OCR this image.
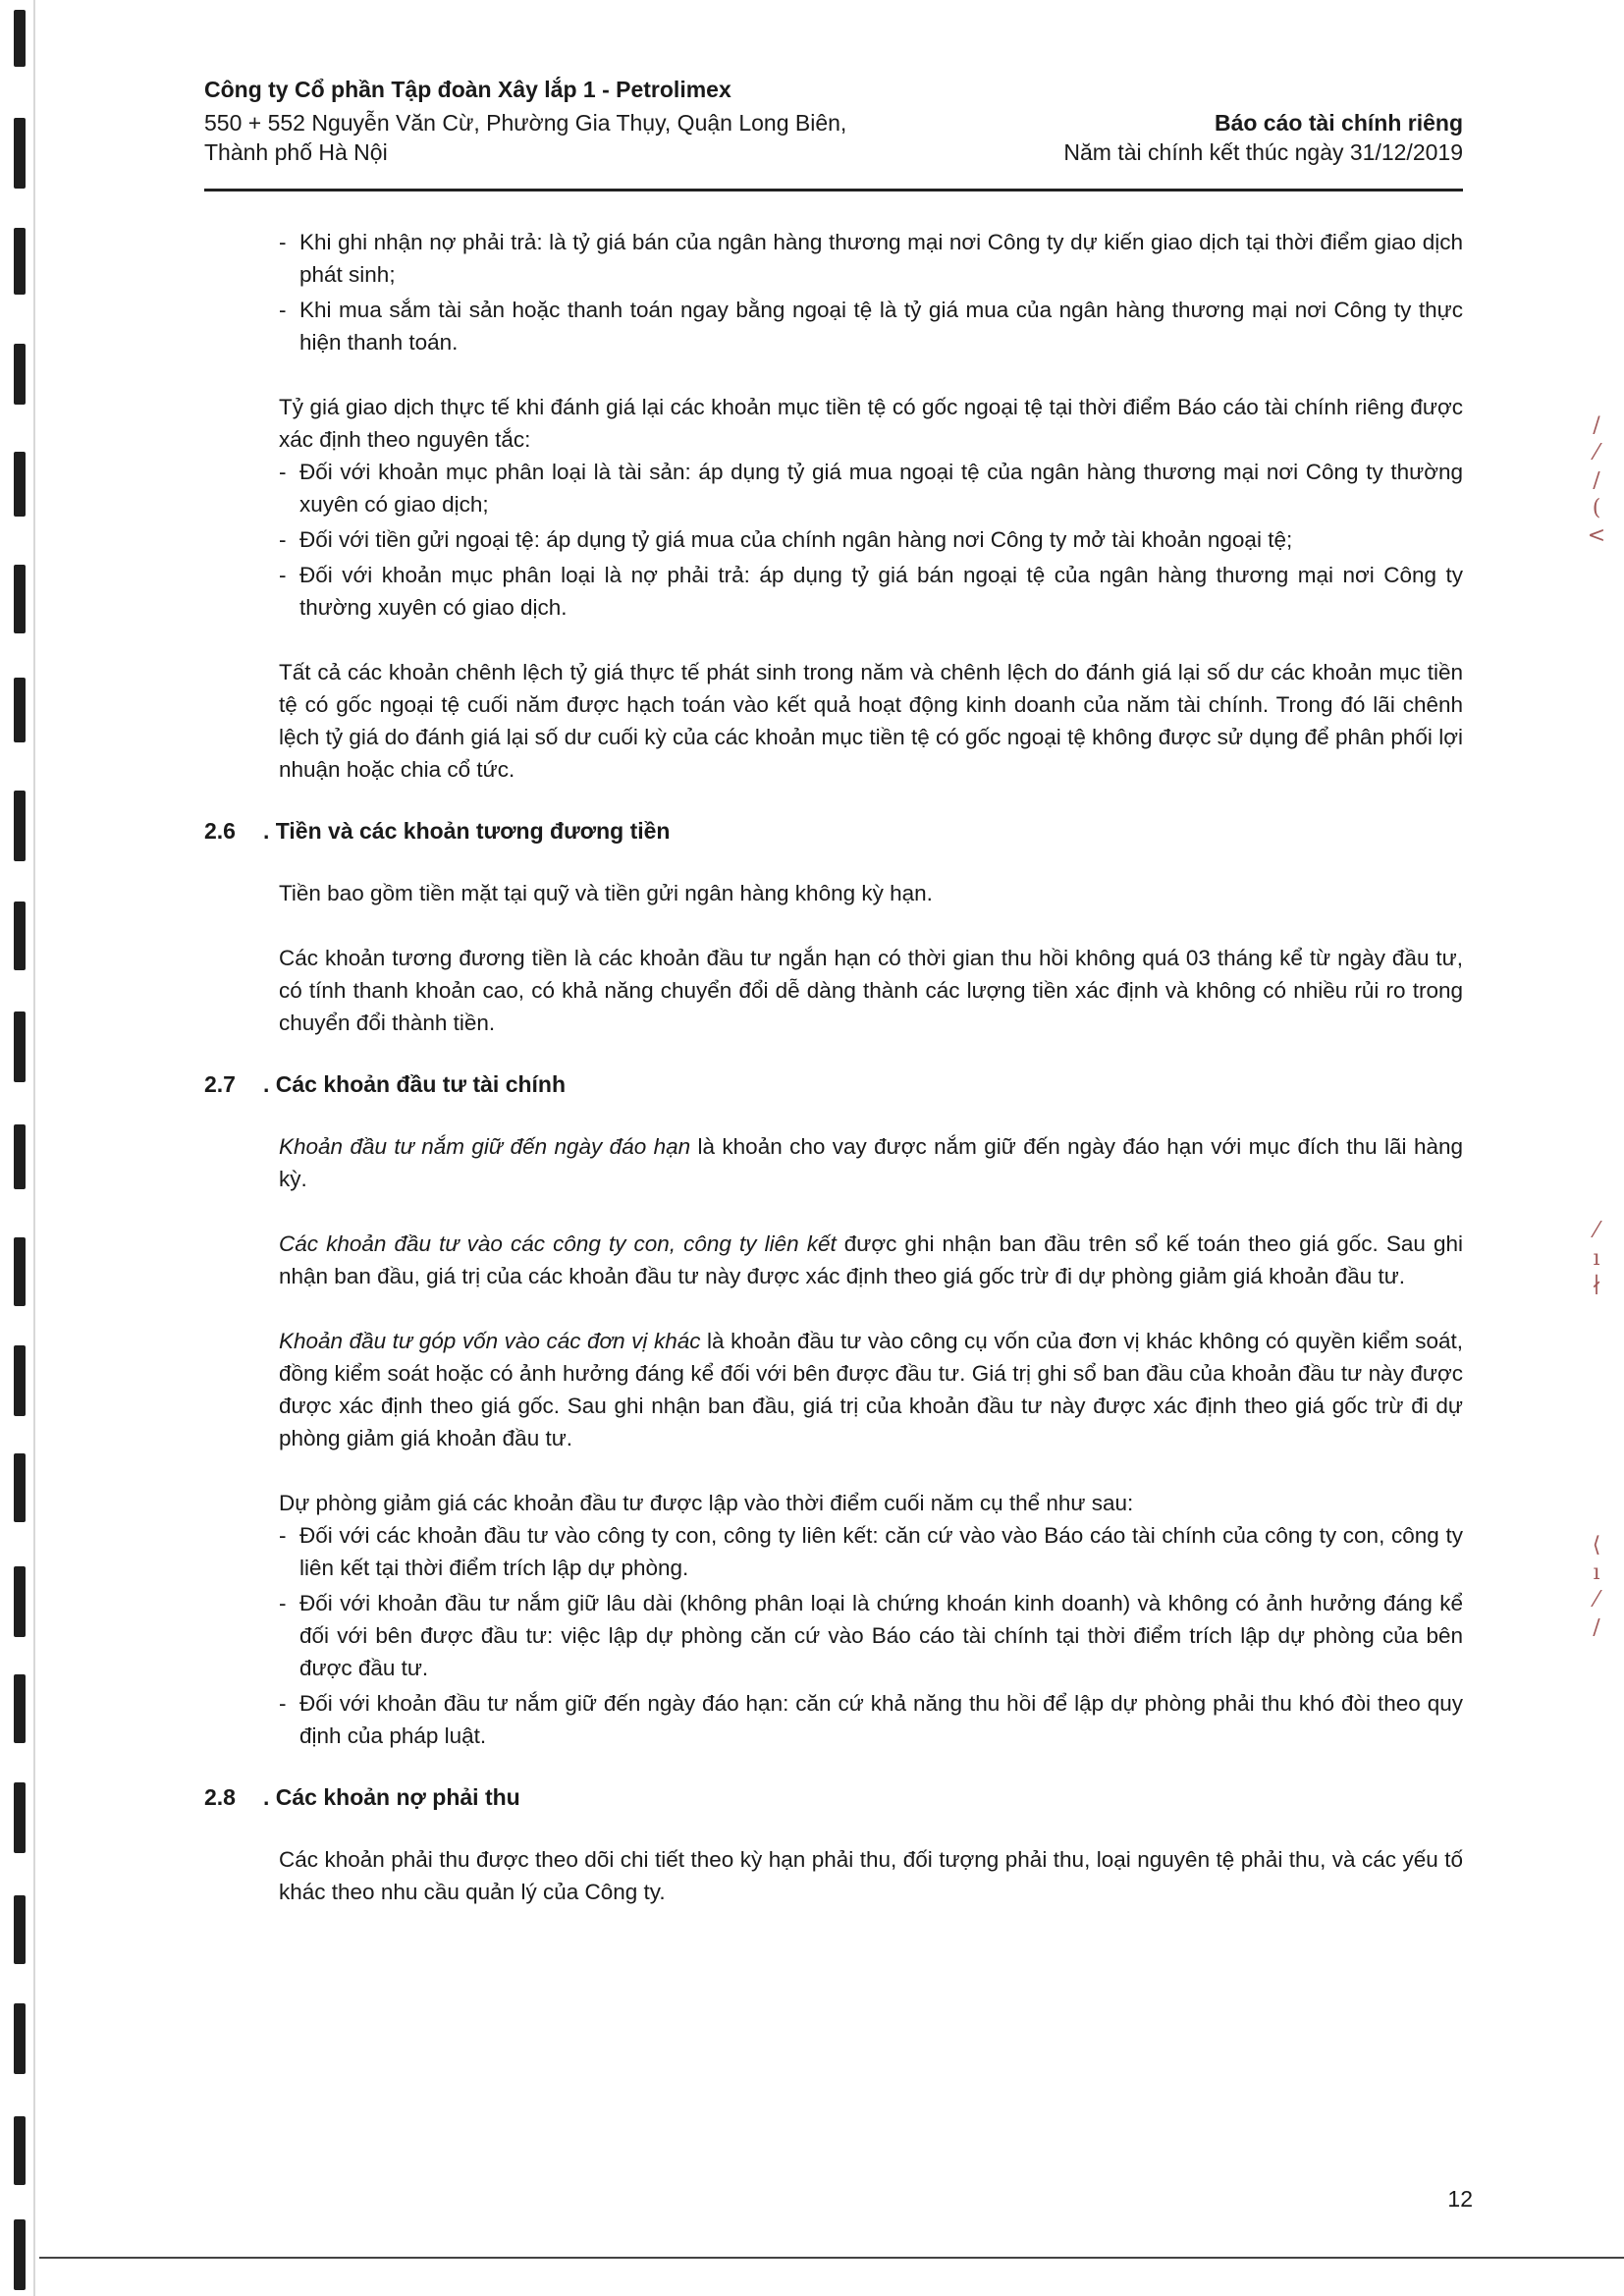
/
⁄
∕
(
<
⁄
ı
∤
⟨
ı
⁄
∕
Công ty Cổ phần Tập đoàn Xây lắp 1 - Petrolimex
550 + 552 Nguyễn Văn Cừ, Phường Gia Thụy, Quận Long Biên,
Thành phố Hà Nội
Báo cáo tài chính riêng
Năm tài chính kết thúc ngày 31/12/2019
- Khi ghi nhận nợ phải trả: là tỷ giá bán của ngân hàng thương mại nơi Công ty dự kiến giao dịch tại thời điểm giao dịch phát sinh;
- Khi mua sắm tài sản hoặc thanh toán ngay bằng ngoại tệ là tỷ giá mua của ngân hàng thương mại nơi Công ty thực hiện thanh toán.

Tỷ giá giao dịch thực tế khi đánh giá lại các khoản mục tiền tệ có gốc ngoại tệ tại thời điểm Báo cáo tài chính riêng được xác định theo nguyên tắc:

- Đối với khoản mục phân loại là tài sản: áp dụng tỷ giá mua ngoại tệ của ngân hàng thương mại nơi Công ty thường xuyên có giao dịch;
- Đối với tiền gửi ngoại tệ: áp dụng tỷ giá mua của chính ngân hàng nơi Công ty mở tài khoản ngoại tệ;
- Đối với khoản mục phân loại là nợ phải trả: áp dụng tỷ giá bán ngoại tệ của ngân hàng thương mại nơi Công ty thường xuyên có giao dịch.

Tất cả các khoản chênh lệch tỷ giá thực tế phát sinh trong năm và chênh lệch do đánh giá lại số dư các khoản mục tiền tệ có gốc ngoại tệ cuối năm được hạch toán vào kết quả hoạt động kinh doanh của năm tài chính. Trong đó lãi chênh lệch tỷ giá do đánh giá lại số dư cuối kỳ của các khoản mục tiền tệ có gốc ngoại tệ không được sử dụng để phân phối lợi nhuận hoặc chia cổ tức.

2.6 . Tiền và các khoản tương đương tiền

Tiền bao gồm tiền mặt tại quỹ và tiền gửi ngân hàng không kỳ hạn.

Các khoản tương đương tiền là các khoản đầu tư ngắn hạn có thời gian thu hồi không quá 03 tháng kể từ ngày đầu tư, có tính thanh khoản cao, có khả năng chuyển đổi dễ dàng thành các lượng tiền xác định và không có nhiều rủi ro trong chuyển đổi thành tiền.

2.7 . Các khoản đầu tư tài chính

Khoản đầu tư nắm giữ đến ngày đáo hạn là khoản cho vay được nắm giữ đến ngày đáo hạn với mục đích thu lãi hàng kỳ.

Các khoản đầu tư vào các công ty con, công ty liên kết được ghi nhận ban đầu trên sổ kế toán theo giá gốc. Sau ghi nhận ban đầu, giá trị của các khoản đầu tư này được xác định theo giá gốc trừ đi dự phòng giảm giá khoản đầu tư.

Khoản đầu tư góp vốn vào các đơn vị khác là khoản đầu tư vào công cụ vốn của đơn vị khác không có quyền kiểm soát, đồng kiểm soát hoặc có ảnh hưởng đáng kể đối với bên được đầu tư. Giá trị ghi sổ ban đầu của khoản đầu tư này được được xác định theo giá gốc. Sau ghi nhận ban đầu, giá trị của khoản đầu tư này được xác định theo giá gốc trừ đi dự phòng giảm giá khoản đầu tư.

Dự phòng giảm giá các khoản đầu tư được lập vào thời điểm cuối năm cụ thể như sau:

- Đối với các khoản đầu tư vào công ty con, công ty liên kết: căn cứ vào vào Báo cáo tài chính của công ty con, công ty liên kết tại thời điểm trích lập dự phòng.
- Đối với khoản đầu tư nắm giữ lâu dài (không phân loại là chứng khoán kinh doanh) và không có ảnh hưởng đáng kể đối với bên được đầu tư: việc lập dự phòng căn cứ vào Báo cáo tài chính tại thời điểm trích lập dự phòng của bên được đầu tư.
- Đối với khoản đầu tư nắm giữ đến ngày đáo hạn: căn cứ khả năng thu hồi để lập dự phòng phải thu khó đòi theo quy định của pháp luật.
2.8 . Các khoản nợ phải thu

Các khoản phải thu được theo dõi chi tiết theo kỳ hạn phải thu, đối tượng phải thu, loại nguyên tệ phải thu, và các yếu tố khác theo nhu cầu quản lý của Công ty.

12
